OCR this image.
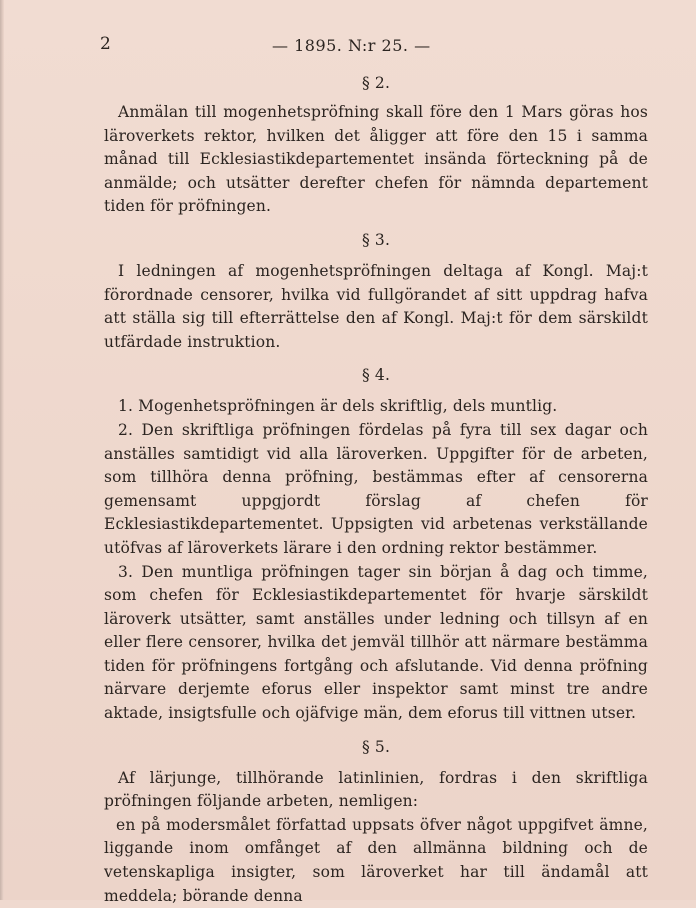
2	— 1895. N:r 25. —

§ 2.

Anmälan till mogenhetspröfning skall före den 1 Mars göras hos läroverkets rektor, hvilken det åligger att före den 15 i samma månad till Ecklesiastikdepartementet insända förteckning på de anmälde; och utsätter derefter chefen för nämnda departement tiden för pröfningen.

§ 3.

I ledningen af mogenhetspröfningen deltaga af Kongl. Maj:t förordnade censorer, hvilka vid fullgörandet af sitt uppdrag hafva att ställa sig till efterrättelse den af Kongl. Maj:t för dem särskildt utfärdade instruktion.

§ 4.

1. Mogenhetspröfningen är dels skriftlig, dels muntlig.

2. Den skriftliga pröfningen fördelas på fyra till sex dagar och anställes samtidigt vid alla läroverken. Uppgifter för de arbeten, som tillhöra denna pröfning, bestämmas efter af censorerna gemensamt uppgjordt förslag af chefen för Ecklesiastikdepartementet. Uppsigten vid arbetenas verkställande utöfvas af läroverkets lärare i den ordning rektor bestämmer.

3. Den muntliga pröfningen tager sin början å dag och timme, som chefen för Ecklesiastikdepartementet för hvarje särskildt läroverk utsätter, samt anställes under ledning och tillsyn af en eller flere censorer, hvilka det jemväl tillhör att närmare bestämma tiden för pröfningens fortgång och afslutande. Vid denna pröfning närvare derjemte eforus eller inspektor samt minst tre andre aktade, insigtsfulle och ojäfvige män, dem eforus till vittnen utser.

§ 5.

Af lärjunge, tillhörande latinlinien, fordras i den skriftliga pröfningen följande arbeten, nemligen:

en på modersmålet författad uppsats öfver något uppgifvet ämne, liggande inom omfånget af den allmänna bildning och de vetenskapliga insigter, som läroverket har till ändamål att meddela; börande denna
